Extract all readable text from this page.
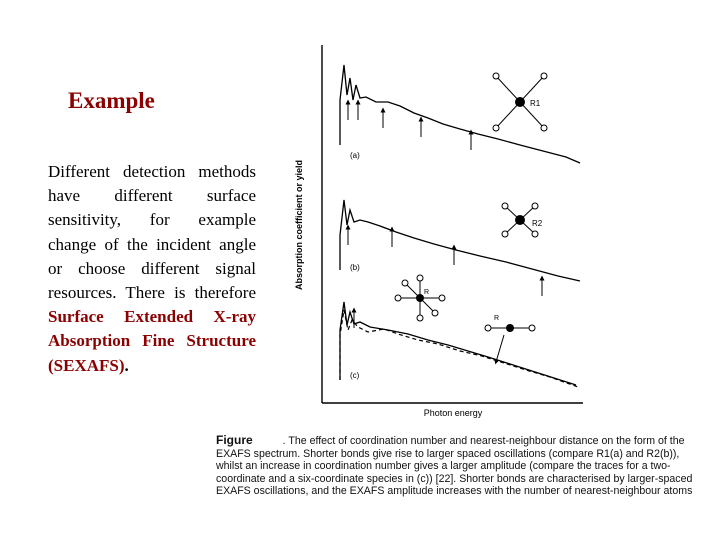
Example
Different detection methods have different surface sensitivity, for example change of the incident angle or choose different signal resources. There is therefore Surface Extended X-ray Absorption Fine Structure (SEXAFS).
Absorption coefficient or yield
Photon energy
(a)
R1
(b)
R2
(c)
R
R
Figure	. The effect of coordination number and nearest-neighbour distance on the form of the EXAFS spectrum. Shorter bonds give rise to larger spaced oscillations (compare R1(a) and R2(b)), whilst an increase in coordination number gives a larger amplitude (compare the traces for a two-coordinate and a six-coordinate species in (c)) [22]. Shorter bonds are characterised by larger-spaced EXAFS oscillations, and the EXAFS amplitude increases with the number of nearest-neighbour atoms
